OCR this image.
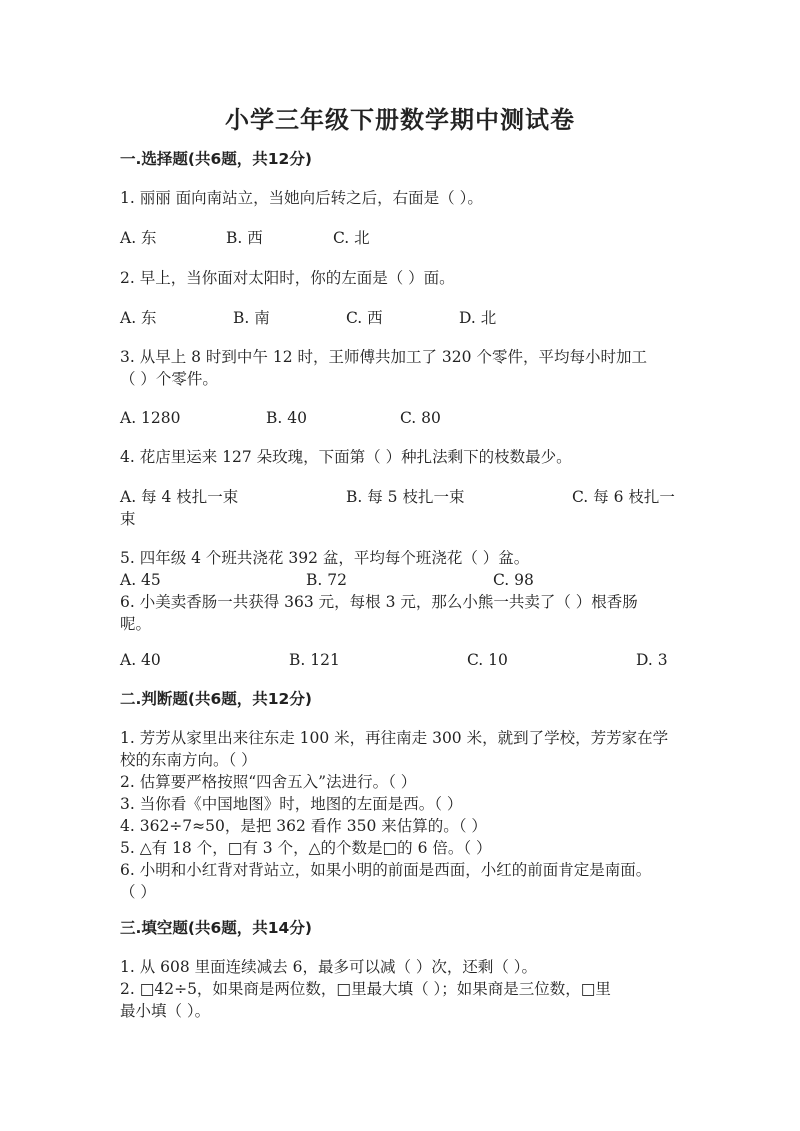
小学三年级下册数学期中测试卷
一.选择题(共6题，共12分)
1. 丽丽 面向南站立，当她向后转之后，右面是（ ）。
A. 东	B. 西	C. 北
2. 早上，当你面对太阳时，你的左面是（ ）面。
A. 东	B. 南	C. 西	D. 北
3. 从早上 8 时到中午 12 时，王师傅共加工了 320 个零件，平均每小时加工
（ ）个零件。
A. 1280	B. 40	C. 80
4. 花店里运来 127 朵玫瑰，下面第（ ）种扎法剩下的枝数最少。
A. 每 4 枝扎一束	B. 每 5 枝扎一束	C. 每 6 枝扎一
束
5. 四年级 4 个班共浇花 392 盆，平均每个班浇花（ ）盆。
A. 45	B. 72	C. 98
6. 小美卖香肠一共获得 363 元，每根 3 元，那么小熊一共卖了（ ）根香肠
呢。
A. 40	B. 121	C. 10	D. 3
二.判断题(共6题，共12分)
1. 芳芳从家里出来往东走 100 米，再往南走 300 米，就到了学校，芳芳家在学
校的东南方向。（ ）
2. 估算要严格按照“四舍五入”法进行。（ ）
3. 当你看《中国地图》时，地图的左面是西。（ ）
4. 362÷7≈50，是把 362 看作 350 来估算的。（ ）
5. △有 18 个，□有 3 个，△的个数是□的 6 倍。（ ）
6. 小明和小红背对背站立，如果小明的前面是西面，小红的前面肯定是南面。
（ ）
三.填空题(共6题，共14分)
1. 从 608 里面连续减去 6，最多可以减（ ）次，还剩（ ）。
2. □42÷5，如果商是两位数，□里最大填（ ）；如果商是三位数，□里
最小填（ ）。
